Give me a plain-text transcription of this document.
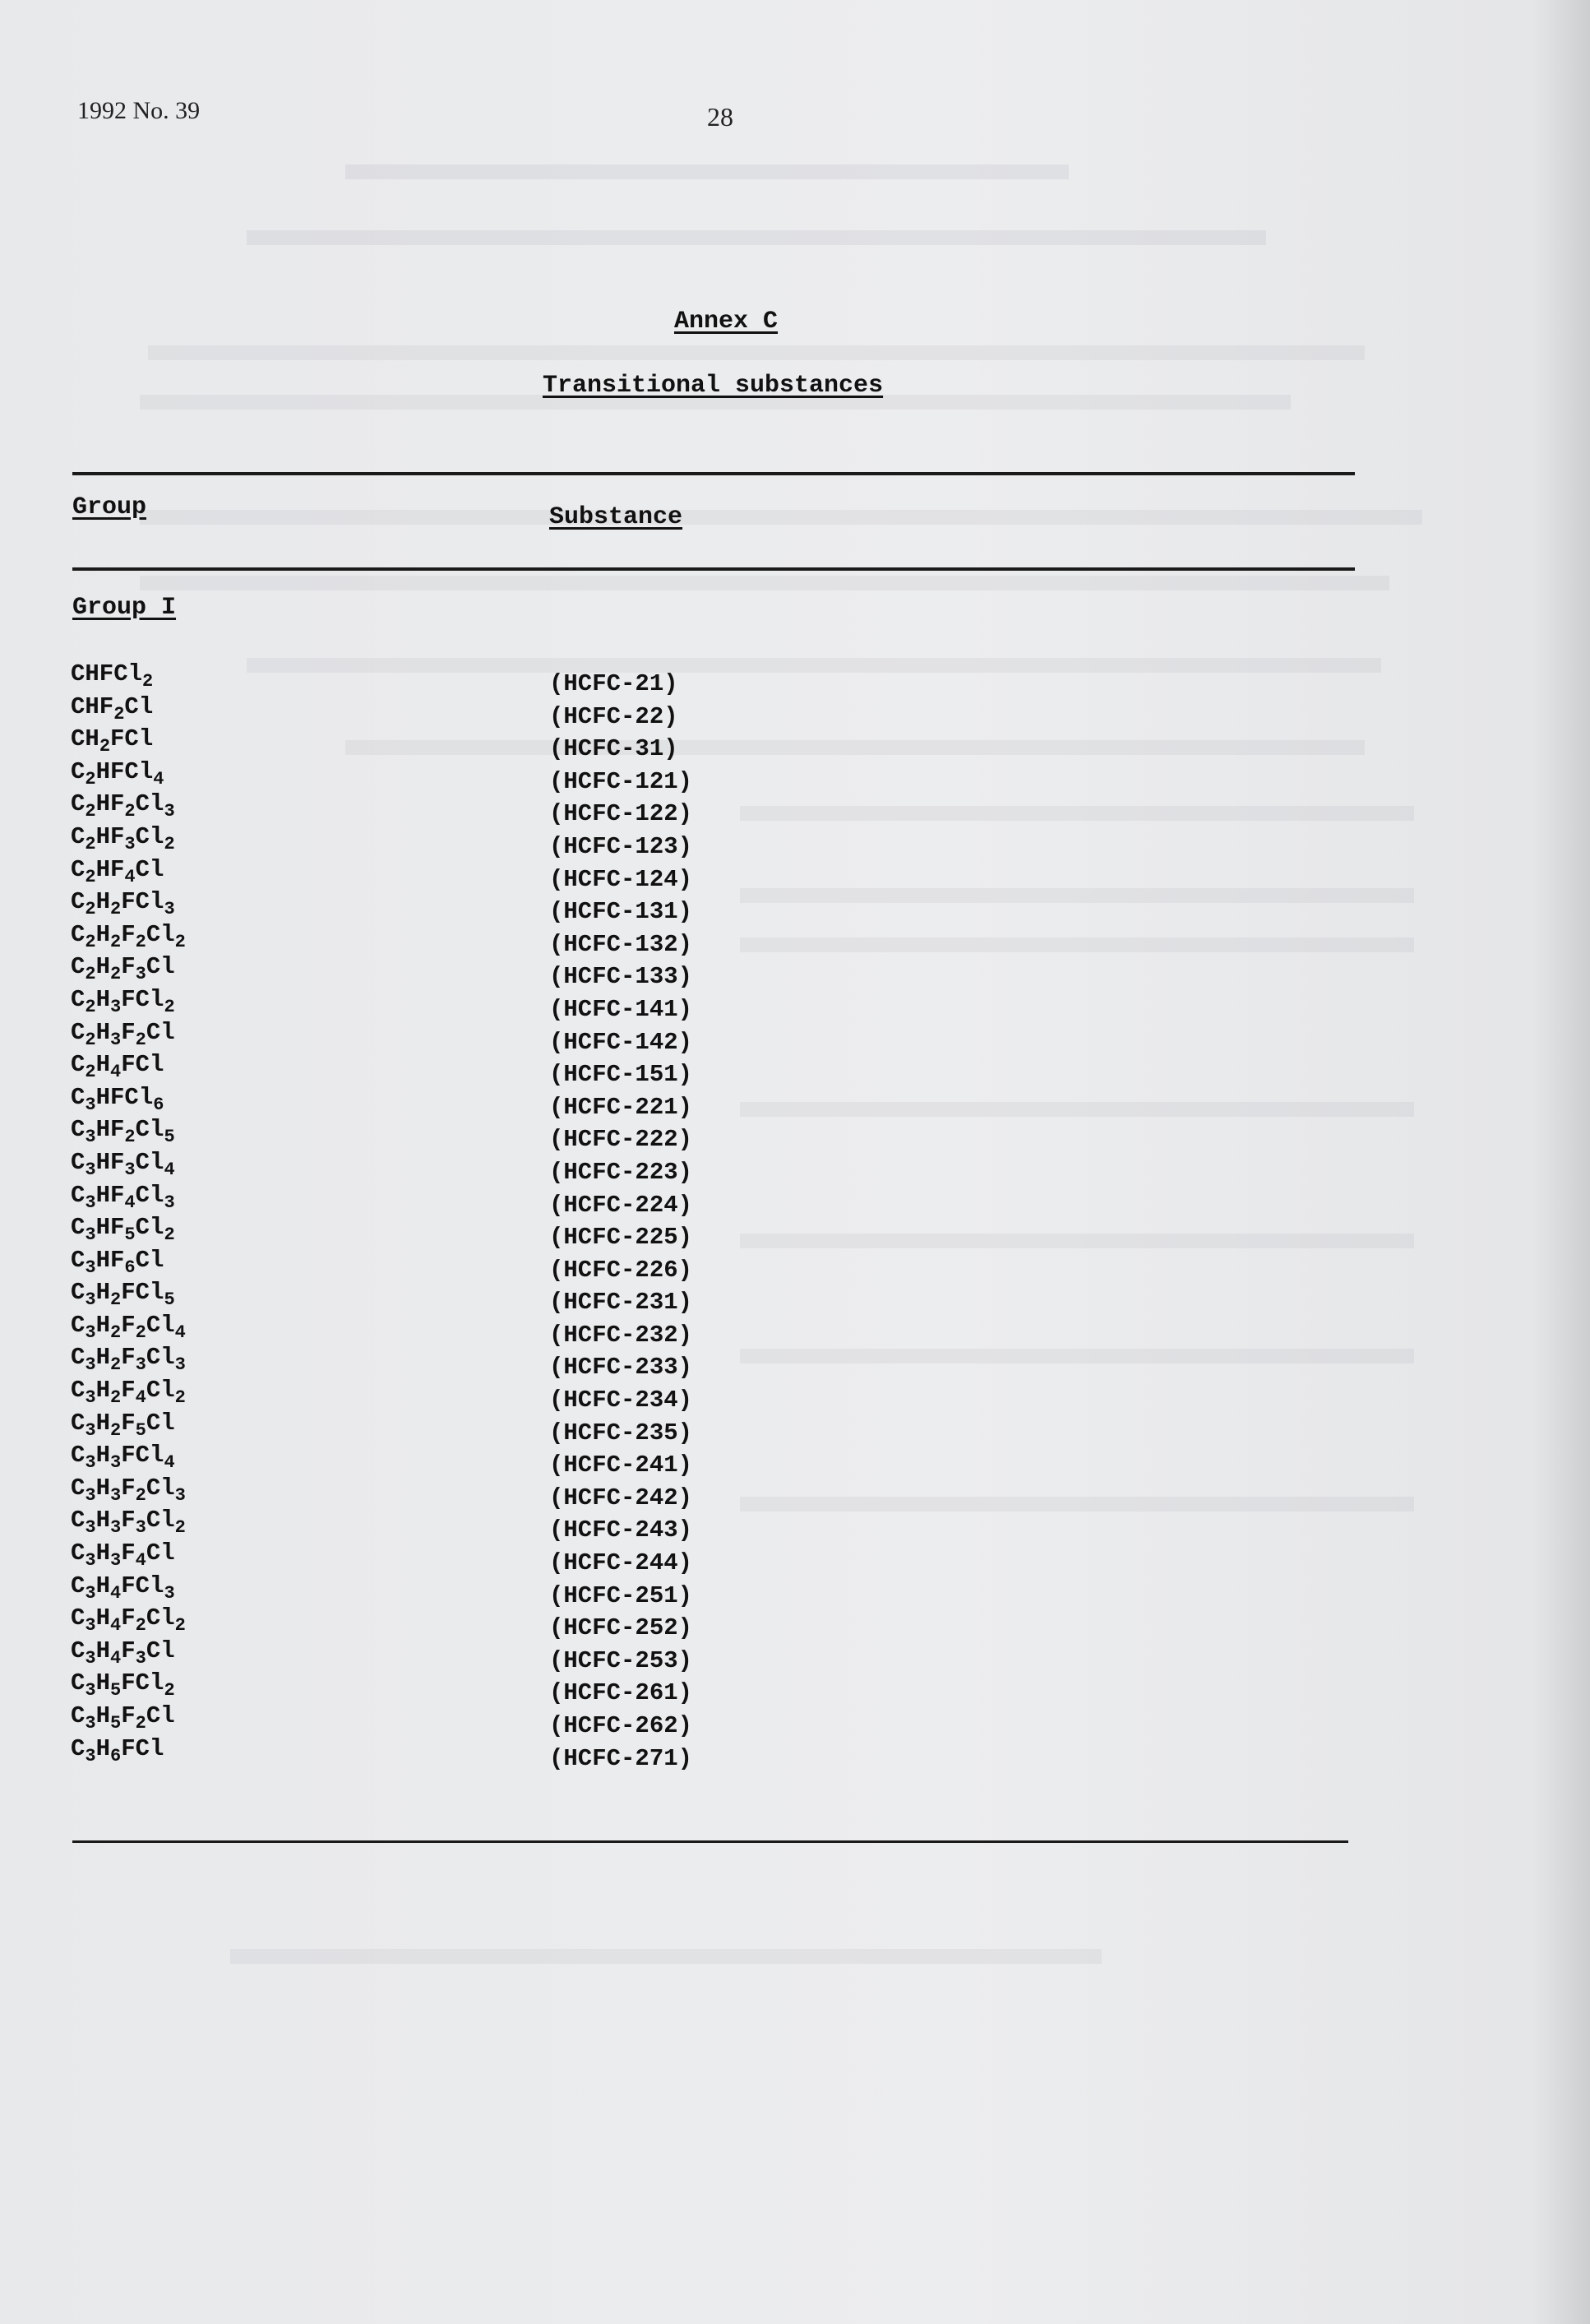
1992 No. 39	28
Annex C
Transitional substances
Group	Substance
Group I
CHFCl$_2$
$CHF_2Cl$
$CH_2FCl$
$C_2HFCl_4$
$C_2HF_2Cl_3$
$C_2HF_3Cl_2$
$C_2HF_4Cl$
$C_2H_2FCl_3$
$C_2H_2F_2Cl_2$
$C_2H_2F_3Cl$
$C_2H_3FCl_2$
$C_2H_3F_2Cl$
$C_2H_4FCl$
$C_3HFCl_6$
$C_3HF_2Cl_5$
$C_3HF_3Cl_4$
$C_3HF_4Cl_3$
$C_3HF_5Cl_2$
$C_3HF_6Cl$
$C_3H_2FCl_5$
$C_3H_2F_2Cl_4$
$C_3H_2F_3Cl_3$
$C_3H_2F_4Cl_2$
$C_3H_2F_5Cl$
$C_3H_3FCl_4$
$C_3H_3F_2Cl_3$
$C_3H_3F_3Cl_2$
$C_3H_3F_4Cl$
$C_3H_4FCl_3$
$C_3H_4F_2Cl_2$
$C_3H_4F_3Cl$
$C_3H_5FCl_2$
$C_3H_5F_2Cl$
$C_3H_6FCl$
(HCFC-21)
(HCFC-22)
(HCFC-31)
(HCFC-121)
(HCFC-122)
(HCFC-123)
(HCFC-124)
(HCFC-131)
(HCFC-132)
(HCFC-133)
(HCFC-141)
(HCFC-142)
(HCFC-151)
(HCFC-221)
(HCFC-222)
(HCFC-223)
(HCFC-224)
(HCFC-225)
(HCFC-226)
(HCFC-231)
(HCFC-232)
(HCFC-233)
(HCFC-234)
(HCFC-235)
(HCFC-241)
(HCFC-242)
(HCFC-243)
(HCFC-244)
(HCFC-251)
(HCFC-252)
(HCFC-253)
(HCFC-261)
(HCFC-262)
(HCFC-271)
